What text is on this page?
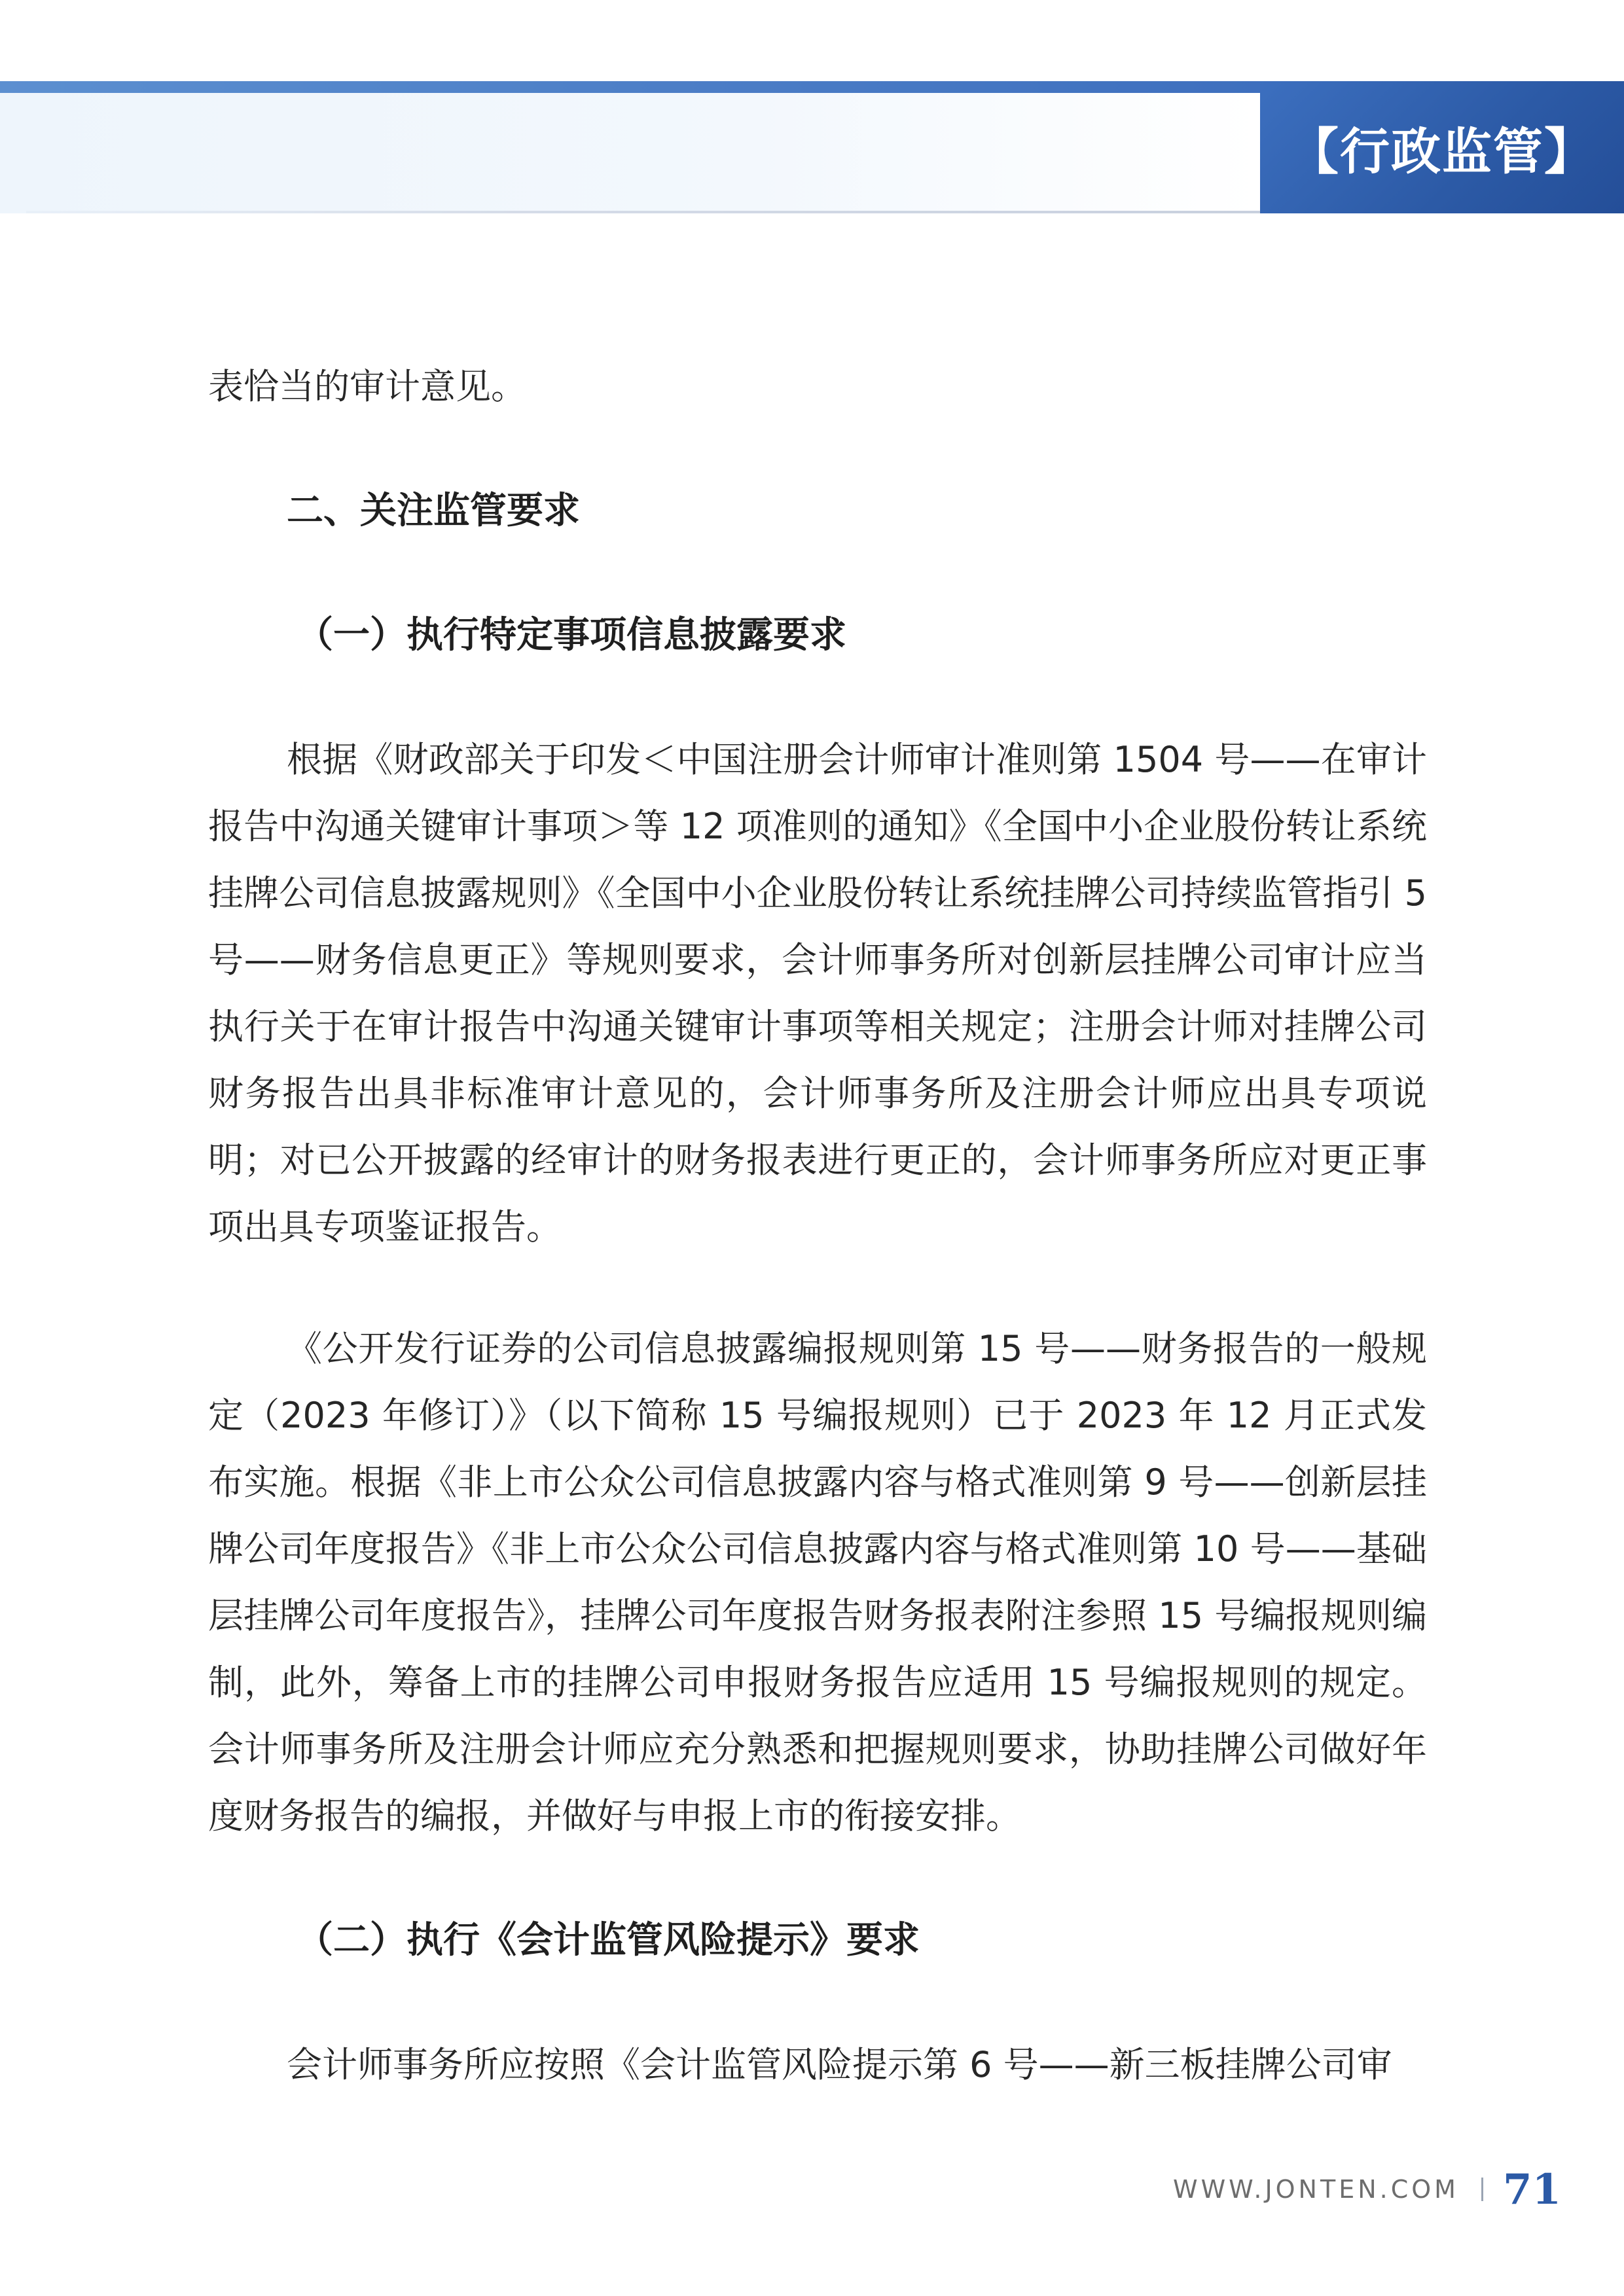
【行政监管】

表恰当的审计意见。

二、关注监管要求

（一）执行特定事项信息披露要求

根据《财政部关于印发＜中国注册会计师审计准则第 1504 号——在审计报告中沟通关键审计事项＞等 12 项准则的通知》《全国中小企业股份转让系统挂牌公司信息披露规则》《全国中小企业股份转让系统挂牌公司持续监管指引 5 号——财务信息更正》等规则要求，会计师事务所对创新层挂牌公司审计应当执行关于在审计报告中沟通关键审计事项等相关规定；注册会计师对挂牌公司财务报告出具非标准审计意见的，会计师事务所及注册会计师应出具专项说明；对已公开披露的经审计的财务报表进行更正的，会计师事务所应对更正事项出具专项鉴证报告。

《公开发行证券的公司信息披露编报规则第 15 号——财务报告的一般规定（2023 年修订）》（以下简称 15 号编报规则）已于 2023 年 12 月正式发布实施。根据《非上市公众公司信息披露内容与格式准则第 9 号——创新层挂牌公司年度报告》《非上市公众公司信息披露内容与格式准则第 10 号——基础层挂牌公司年度报告》，挂牌公司年度报告财务报表附注参照 15 号编报规则编制，此外，筹备上市的挂牌公司申报财务报告应适用 15 号编报规则的规定。会计师事务所及注册会计师应充分熟悉和把握规则要求，协助挂牌公司做好年度财务报告的编报，并做好与申报上市的衔接安排。

（二）执行《会计监管风险提示》要求

会计师事务所应按照《会计监管风险提示第 6 号——新三板挂牌公司审

WWW.JONTEN.COM 71
